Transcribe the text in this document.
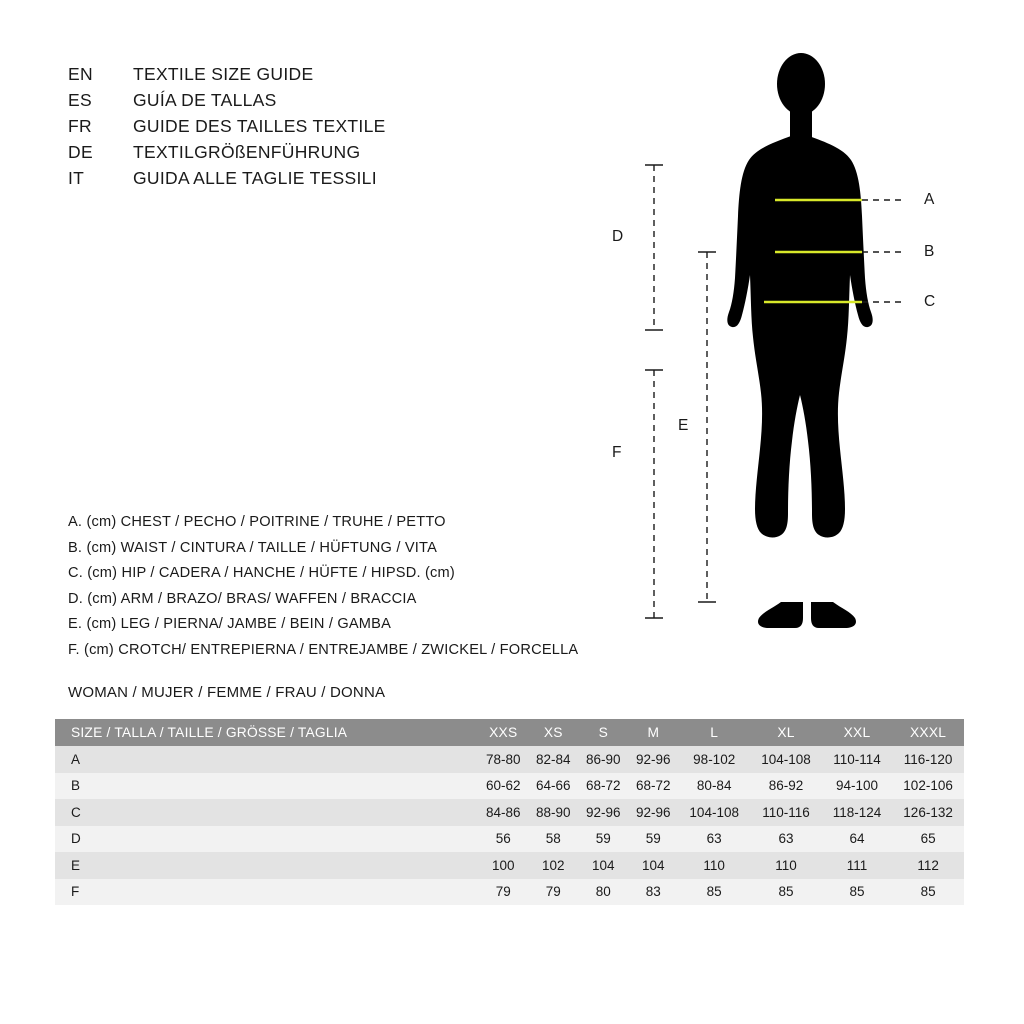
EN	TEXTILE SIZE GUIDE
ES	GUÍA DE TALLAS
FR	GUIDE DES TAILLES TEXTILE
DE	TEXTILGRÖßENFÜHRUNG
IT	GUIDA ALLE TAGLIE TESSILI
A
B
C
D
E
F
A. (cm) CHEST / PECHO / POITRINE / TRUHE / PETTO
B. (cm) WAIST / CINTURA / TAILLE / HÜFTUNG / VITA
C. (cm) HIP / CADERA / HANCHE / HÜFTE / HIPSD. (cm)
D. (cm) ARM / BRAZO/ BRAS/ WAFFEN / BRACCIA
E. (cm) LEG / PIERNA/ JAMBE / BEIN / GAMBA
F. (cm) CROTCH/ ENTREPIERNA / ENTREJAMBE / ZWICKEL / FORCELLA
WOMAN / MUJER / FEMME / FRAU / DONNA
SIZE / TALLA / TAILLE / GRÖSSE / TAGLIA	XXS	XS	S	M	L	XL	XXL	XXXL
A	78-80	82-84	86-90	92-96	98-102	104-108	110-114	116-120
B	60-62	64-66	68-72	68-72	80-84	86-92	94-100	102-106
C	84-86	88-90	92-96	92-96	104-108	110-116	118-124	126-132
D	56	58	59	59	63	63	64	65
E	100	102	104	104	110	110	111	112
F	79	79	80	83	85	85	85	85
